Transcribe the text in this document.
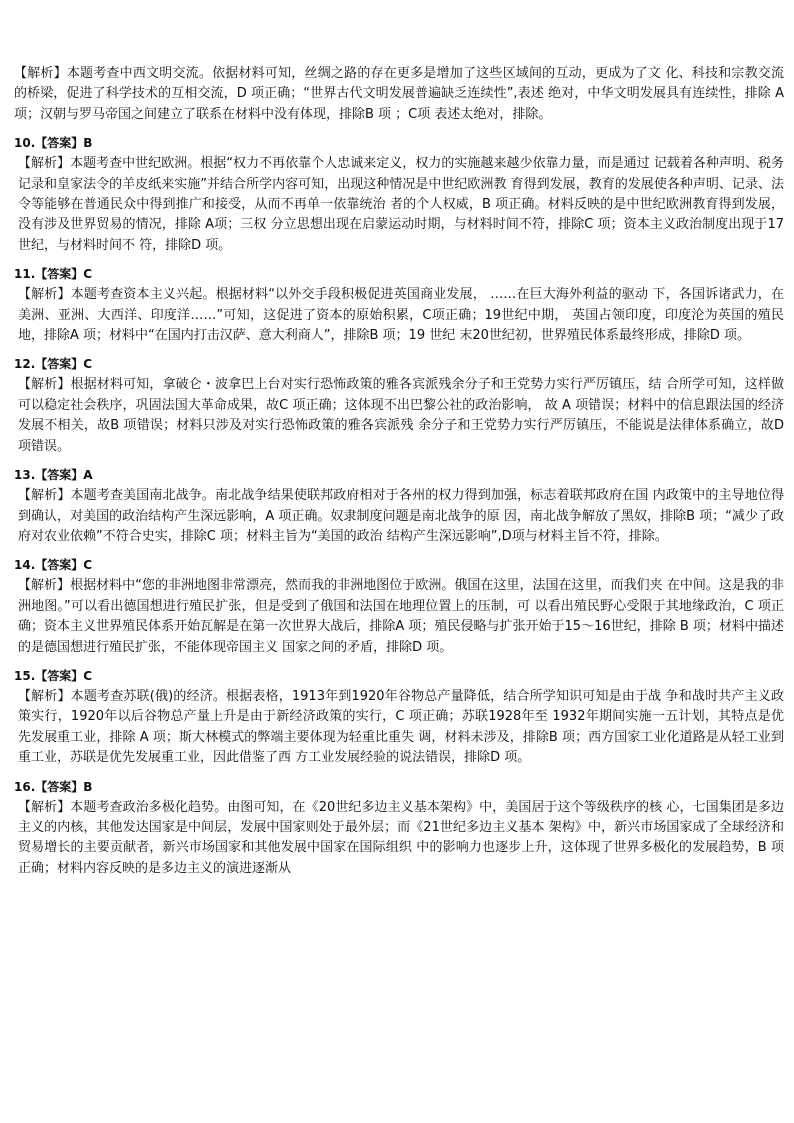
【解析】本题考查中西文明交流。依据材料可知，丝绸之路的存在更多是增加了这些区域间的互动，更成为了文 化、科技和宗教交流的桥梁，促进了科学技术的互相交流，D 项正确；“世界古代文明发展普遍缺乏连续性”,表述 绝对，中华文明发展具有连续性，排除 A 项；汉朝与罗马帝国之间建立了联系在材料中没有体现，排除B 项 ；C项 表述太绝对，排除。

10.【答案】B

【解析】本题考查中世纪欧洲。根据“权力不再依靠个人忠诚来定义，权力的实施越来越少依靠力量，而是通过 记载着各种声明、税务记录和皇家法令的羊皮纸来实施”并结合所学内容可知，出现这种情况是中世纪欧洲教 育得到发展，教育的发展使各种声明、记录、法令等能够在普通民众中得到推广和接受，从而不再单一依靠统治 者的个人权威，B 项正确。材料反映的是中世纪欧洲教育得到发展，没有涉及世界贸易的情况，排除 A项；三权 分立思想出现在启蒙运动时期，与材料时间不符，排除C 项；资本主义政治制度出现于17世纪，与材料时间不 符，排除D 项。

11.【答案】C

【解析】本题考查资本主义兴起。根据材料“以外交手段积极促进英国商业发展， ……在巨大海外利益的驱动 下，各国诉诸武力，在美洲、亚洲、大西洋、印度洋……”可知，这促进了资本的原始积累，C项正确；19世纪中期， 英国占领印度，印度沦为英国的殖民地，排除A 项；材料中“在国内打击汉萨、意大利商人”，排除B 项；19 世纪 末20世纪初，世界殖民体系最终形成，排除D 项。

12.【答案】C

【解析】根据材料可知，拿破仑・波拿巴上台对实行恐怖政策的雅各宾派残余分子和王党势力实行严厉镇压，结 合所学可知，这样做可以稳定社会秩序，巩固法国大革命成果，故C 项正确；这体现不出巴黎公社的政治影响， 故 A 项错误；材料中的信息跟法国的经济发展不相关，故B 项错误；材料只涉及对实行恐怖政策的雅各宾派残 余分子和王党势力实行严厉镇压，不能说是法律体系确立，故D 项错误。

13.【答案】A

【解析】本题考查美国南北战争。南北战争结果使联邦政府相对于各州的权力得到加强，标志着联邦政府在国 内政策中的主导地位得到确认，对美国的政治结构产生深远影响，A 项正确。奴隶制度问题是南北战争的原 因，南北战争解放了黑奴，排除B 项；“减少了政府对农业依赖”不符合史实，排除C 项；材料主旨为“美国的政治 结构产生深远影响”,D项与材料主旨不符，排除。

14.【答案】C

【解析】根据材料中“您的非洲地图非常漂亮，然而我的非洲地图位于欧洲。俄国在这里，法国在这里，而我们夹 在中间。这是我的非洲地图。”可以看出德国想进行殖民扩张，但是受到了俄国和法国在地理位置上的压制，可 以看出殖民野心受限于其地缘政治，C 项正确；资本主义世界殖民体系开始瓦解是在第一次世界大战后，排除A 项；殖民侵略与扩张开始于15～16世纪，排除 B 项；材料中描述的是德国想进行殖民扩张，不能体现帝国主义 国家之间的矛盾，排除D 项。

15.【答案】C

【解析】本题考查苏联(俄)的经济。根据表格，1913年到1920年谷物总产量降低，结合所学知识可知是由于战 争和战时共产主义政策实行，1920年以后谷物总产量上升是由于新经济政策的实行，C 项正确；苏联1928年至 1932年期间实施一五计划，其特点是优先发展重工业，排除 A 项；斯大林模式的弊端主要体现为轻重比重失 调，材料未涉及，排除B 项；西方国家工业化道路是从轻工业到重工业，苏联是优先发展重工业，因此借鉴了西 方工业发展经验的说法错误，排除D 项。

16.【答案】B

【解析】本题考查政治多极化趋势。由图可知，在《20世纪多边主义基本架构》中，美国居于这个等级秩序的核 心，七国集团是多边主义的内核，其他发达国家是中间层，发展中国家则处于最外层；而《21世纪多边主义基本 架构》中，新兴市场国家成了全球经济和贸易增长的主要贡献者，新兴市场国家和其他发展中国家在国际组织 中的影响力也逐步上升，这体现了世界多极化的发展趋势，B 项正确；材料内容反映的是多边主义的演进逐渐从
